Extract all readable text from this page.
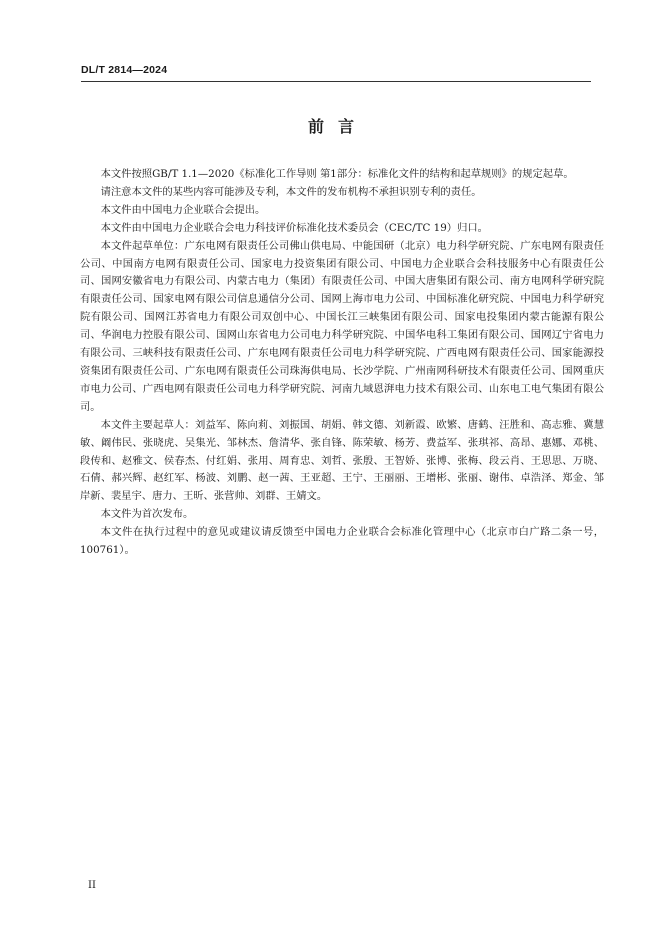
DL/T 2814—2024
前言

本文件按照GB/T 1.1—2020《标准化工作导则 第1部分：标准化文件的结构和起草规则》的规定起草。

请注意本文件的某些内容可能涉及专利，本文件的发布机构不承担识别专利的责任。

本文件由中国电力企业联合会提出。

本文件由中国电力企业联合会电力科技评价标准化技术委员会（CEC/TC 19）归口。

本文件起草单位：广东电网有限责任公司佛山供电局、中能国研（北京）电力科学研究院、广东电网有限责任公司、中国南方电网有限责任公司、国家电力投资集团有限公司、中国电力企业联合会科技服务中心有限责任公司、国网安徽省电力有限公司、内蒙古电力（集团）有限责任公司、中国大唐集团有限公司、南方电网科学研究院有限责任公司、国家电网有限公司信息通信分公司、国网上海市电力公司、中国标准化研究院、中国电力科学研究院有限公司、国网江苏省电力有限公司双创中心、中国长江三峡集团有限公司、国家电投集团内蒙古能源有限公司、华润电力控股有限公司、国网山东省电力公司电力科学研究院、中国华电科工集团有限公司、国网辽宁省电力有限公司、三峡科技有限责任公司、广东电网有限责任公司电力科学研究院、广西电网有限责任公司、国家能源投资集团有限责任公司、广东电网有限责任公司珠海供电局、长沙学院、广州南网科研技术有限责任公司、国网重庆市电力公司、广西电网有限责任公司电力科学研究院、河南九域恩湃电力技术有限公司、山东电工电气集团有限公司。

本文件主要起草人：刘益军、陈向莉、刘振国、胡娟、韩文德、刘新霞、欧繁、唐鹤、汪胜和、高志雅、冀慧敏、阚伟民、张晓虎、吴集光、邹林杰、詹清华、张自锋、陈荣敏、杨芳、费益军、张琪祁、高昂、惠娜、邓桃、段传和、赵雅文、侯春杰、付红娟、张用、周育忠、刘哲、张殷、王智娇、张博、张梅、段云肖、王思思、万晓、石倩、郝兴辉、赵红军、杨波、刘鹏、赵一茜、王亚超、王宁、王丽丽、王增彬、张丽、谢伟、卓浩泽、郑金、邹岸新、裴星宇、唐力、王昕、张营帅、刘群、王婧文。

本文件为首次发布。

本文件在执行过程中的意见或建议请反馈至中国电力企业联合会标准化管理中心（北京市白广路二条一号，100761）。

II
